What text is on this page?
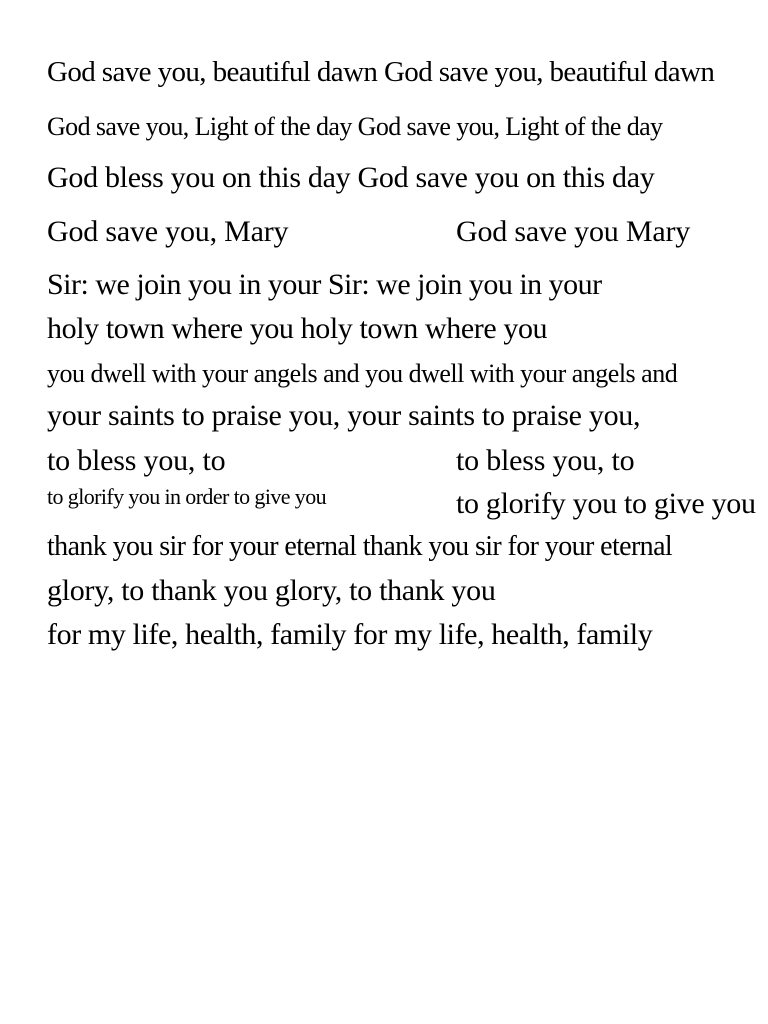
God save you, beautiful dawn God save you, beautiful dawn
God save you, Light of the day God save you, Light of the day
God bless you on this day God save you on this day
God save you, Mary	God save you Mary
Sir: we join you in your Sir: we join you in your
holy town where you holy town where you
you dwell with your angels and you dwell with your angels and
your saints to praise you, your saints to praise you,
to bless you, to	to bless you, to
to glorify you in order to give you	to glorify you to give you
thank you sir for your eternal thank you sir for your eternal
glory, to thank you glory, to thank you
for my life, health, family for my life, health, family
